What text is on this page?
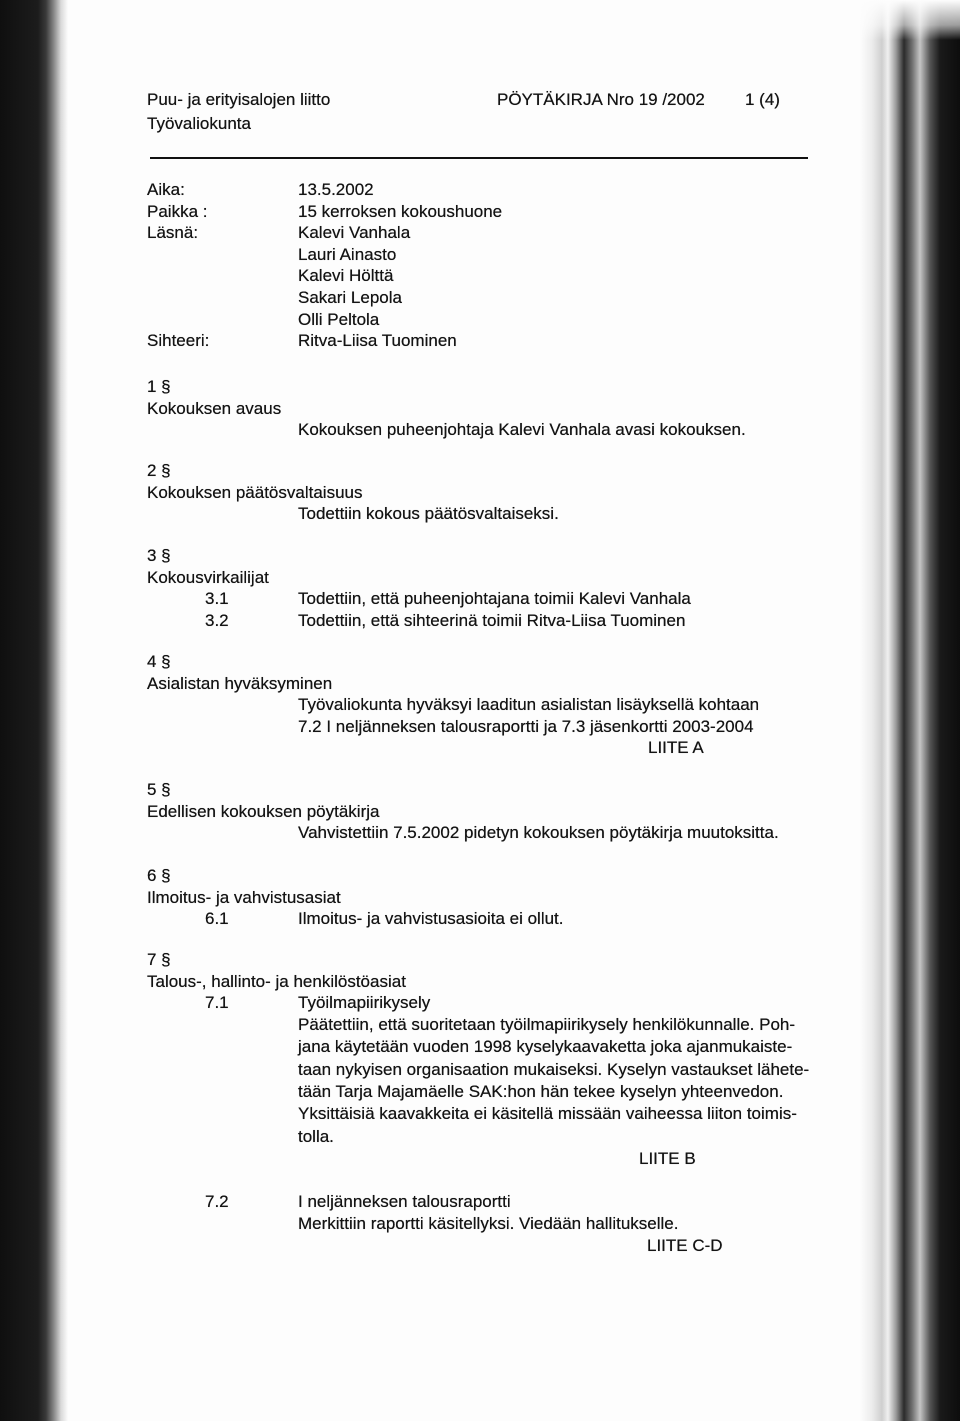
Puu- ja erityisalojen liitto	PÖYTÄKIRJA Nro 19 /2002 1 (4)
Työvaliokunta
Aika:	13.5.2002
Paikka :	15 kerroksen kokoushuone
Läsnä:	Kalevi Vanhala
Lauri Ainasto
Kalevi Hölttä
Sakari Lepola
Olli Peltola
Sihteeri:	Ritva-Liisa Tuominen
1 §
Kokouksen avaus
Kokouksen puheenjohtaja Kalevi Vanhala avasi kokouksen.
2 §
Kokouksen päätösvaltaisuus
Todettiin kokous päätösvaltaiseksi.
3 §
Kokousvirkailijat
3.1	Todettiin, että puheenjohtajana toimii Kalevi Vanhala
3.2	Todettiin, että sihteerinä toimii Ritva-Liisa Tuominen
4 §
Asialistan hyväksyminen
Työvaliokunta hyväksyi laaditun asialistan lisäyksellä kohtaan
7.2 I neljänneksen talousraportti ja 7.3 jäsenkortti 2003-2004
LIITE A
5 §
Edellisen kokouksen pöytäkirja
Vahvistettiin 7.5.2002 pidetyn kokouksen pöytäkirja muutoksitta.
6 §
Ilmoitus- ja vahvistusasiat
6.1	Ilmoitus- ja vahvistusasioita ei ollut.
7 §
Talous-, hallinto- ja henkilöstöasiat
7.1	Työilmapiirikysely
Päätettiin, että suoritetaan työilmapiirikysely henkilökunnalle. Poh-
jana käytetään vuoden 1998 kyselykaavaketta joka ajanmukaiste-
taan nykyisen organisaation mukaiseksi. Kyselyn vastaukset lähete-
tään Tarja Majamäelle SAK:hon hän tekee kyselyn yhteenvedon.
Yksittäisiä kaavakkeita ei käsitellä missään vaiheessa liiton toimis-
tolla.
LIITE B
7.2	I neljänneksen talousraportti
Merkittiin raportti käsitellyksi. Viedään hallitukselle.
LIITE C-D
